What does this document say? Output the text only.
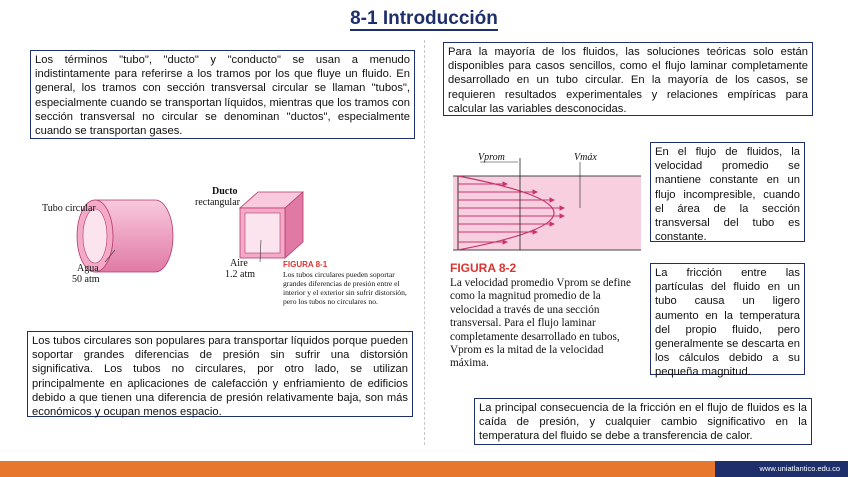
8-1 Introducción
Los términos "tubo", "ducto" y "conducto" se usan a menudo indistintamente para referirse a los tramos por los que fluye un fluido. En general, los tramos con sección transversal circular se llaman "tubos", especialmente cuando se transportan líquidos, mientras que los tramos con sección transversal no circular se denominan "ductos", especialmente cuando se transportan gases.
Para la mayoría de los fluidos, las soluciones teóricas solo están disponibles para casos sencillos, como el flujo laminar completamente desarrollado en un tubo circular. En la mayoría de los casos, se requieren resultados experimentales y relaciones empíricas para calcular las variables desconocidas.
En el flujo de fluidos, la velocidad promedio se mantiene constante en un flujo incompresible, cuando el área de la sección transversal del tubo es constante.
La fricción entre las partículas del fluido en un tubo causa un ligero aumento en la temperatura del propio fluido, pero generalmente se descarta en los cálculos debido a su pequeña magnitud.
Los tubos circulares son populares para transportar líquidos porque pueden soportar grandes diferencias de presión sin sufrir una distorsión significativa. Los tubos no circulares, por otro lado, se utilizan principalmente en aplicaciones de calefacción y enfriamiento de edificios debido a que tienen una diferencia de presión relativamente baja, son más económicos y ocupan menos espacio.	La principal consecuencia de la fricción en el flujo de fluidos es la caída de presión, y cualquier cambio significativo en la temperatura del fluido se debe a transferencia de calor.
Tubo circular
Ducto
rectangular
Agua
50 atm
Aire
1.2 atm
FIGURA 8-1
Los tubos circulares pueden soportar grandes diferencias de presión entre el interior y el exterior sin sufrir distorsión, pero los tubos no circulares no.
Vprom	Vmáx
FIGURA 8-2
La velocidad promedio Vprom se define como la magnitud promedio de la velocidad a través de una sección transversal. Para el flujo laminar completamente desarrollado en tubos, Vprom es la mitad de la velocidad máxima.
www.uniatlantico.edu.co
